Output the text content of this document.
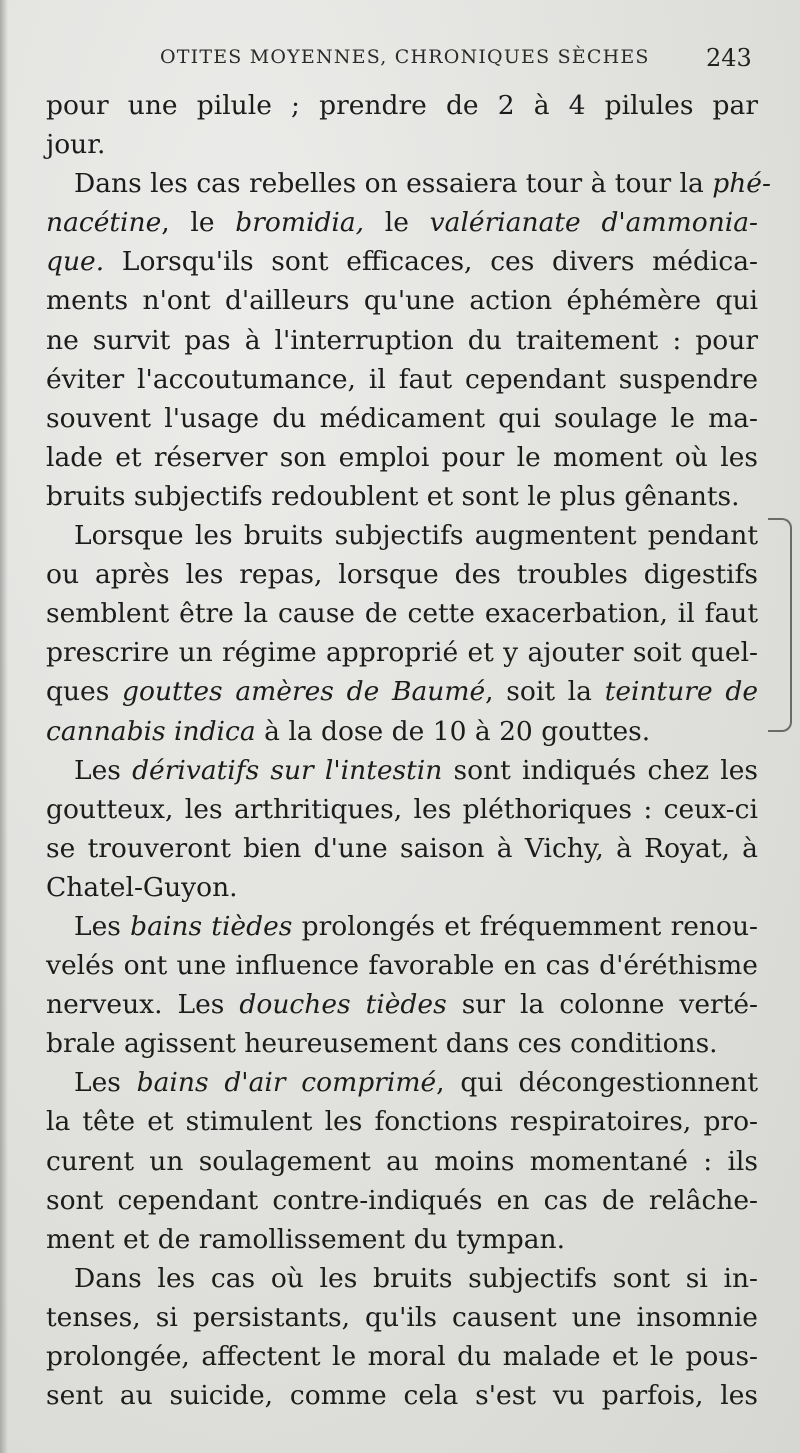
OTITES MOYENNES, CHRONIQUES SÈCHES 243
pour une pilule ; prendre de 2 à 4 pilules par
jour.
Dans les cas rebelles on essaiera tour à tour la phé-
nacétine, le bromidia, le valérianate d'ammonia-
que. Lorsqu'ils sont efficaces, ces divers médica-
ments n'ont d'ailleurs qu'une action éphémère qui
ne survit pas à l'interruption du traitement : pour
éviter l'accoutumance, il faut cependant suspendre
souvent l'usage du médicament qui soulage le ma-
lade et réserver son emploi pour le moment où les
bruits subjectifs redoublent et sont le plus gênants.
Lorsque les bruits subjectifs augmentent pendant
ou après les repas, lorsque des troubles digestifs
semblent être la cause de cette exacerbation, il faut
prescrire un régime approprié et y ajouter soit quel-
ques gouttes amères de Baumé, soit la teinture de
cannabis indica à la dose de 10 à 20 gouttes.
Les dérivatifs sur l'intestin sont indiqués chez les
goutteux, les arthritiques, les pléthoriques : ceux-ci
se trouveront bien d'une saison à Vichy, à Royat, à
Chatel-Guyon.
Les bains tièdes prolongés et fréquemment renou-
velés ont une influence favorable en cas d'éréthisme
nerveux. Les douches tièdes sur la colonne verté-
brale agissent heureusement dans ces conditions.
Les bains d'air comprimé, qui décongestionnent
la tête et stimulent les fonctions respiratoires, pro-
curent un soulagement au moins momentané : ils
sont cependant contre-indiqués en cas de relâche-
ment et de ramollissement du tympan.
Dans les cas où les bruits subjectifs sont si in-
tenses, si persistants, qu'ils causent une insomnie
prolongée, affectent le moral du malade et le pous-
sent au suicide, comme cela s'est vu parfois, les
